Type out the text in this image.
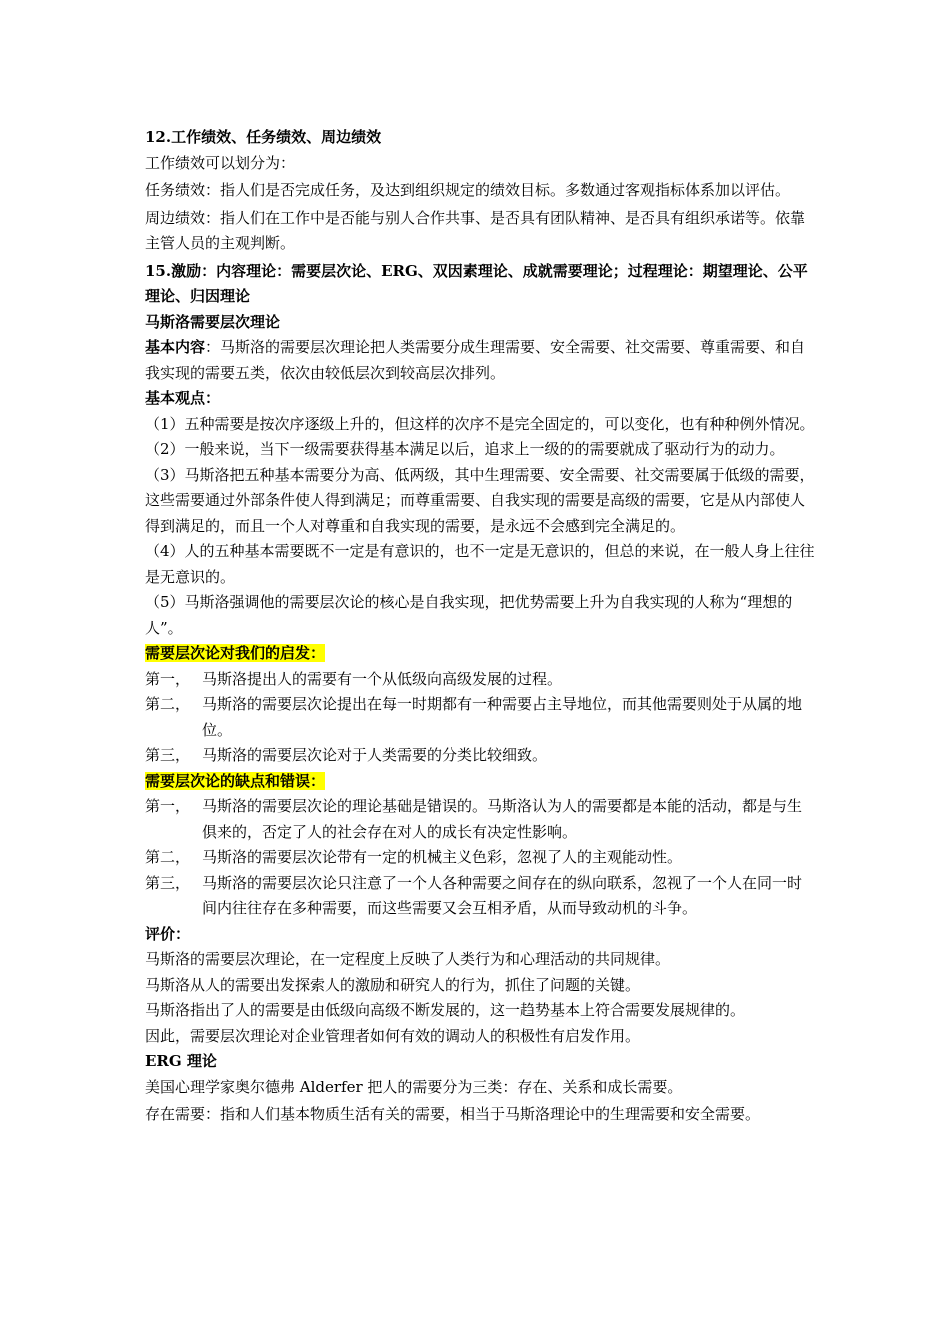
12.工作绩效、任务绩效、周边绩效

工作绩效可以划分为：

任务绩效：指人们是否完成任务，及达到组织规定的绩效目标。多数通过客观指标体系加以评估。

周边绩效：指人们在工作中是否能与别人合作共事、是否具有团队精神、是否具有组织承诺等。依靠主管人员的主观判断。

15.激励：内容理论：需要层次论、ERG、双因素理论、成就需要理论；过程理论：期望理论、公平理论、归因理论

马斯洛需要层次理论

基本内容：马斯洛的需要层次理论把人类需要分成生理需要、安全需要、社交需要、尊重需要、和自我实现的需要五类，依次由较低层次到较高层次排列。

基本观点：

（1）五种需要是按次序逐级上升的，但这样的次序不是完全固定的，可以变化，也有种种例外情况。

（2）一般来说，当下一级需要获得基本满足以后，追求上一级的的需要就成了驱动行为的动力。

（3）马斯洛把五种基本需要分为高、低两级，其中生理需要、安全需要、社交需要属于低级的需要，这些需要通过外部条件使人得到满足；而尊重需要、自我实现的需要是高级的需要，它是从内部使人得到满足的，而且一个人对尊重和自我实现的需要，是永远不会感到完全满足的。

（4）人的五种基本需要既不一定是有意识的，也不一定是无意识的，但总的来说，在一般人身上往往是无意识的。

（5）马斯洛强调他的需要层次论的核心是自我实现，把优势需要上升为自我实现的人称为“理想的人”。

需要层次论对我们的启发：

第一， 马斯洛提出人的需要有一个从低级向高级发展的过程。
第二， 马斯洛的需要层次论提出在每一时期都有一种需要占主导地位，而其他需要则处于从属的地位。
第三， 马斯洛的需要层次论对于人类需要的分类比较细致。

需要层次论的缺点和错误：

第一， 马斯洛的需要层次论的理论基础是错误的。马斯洛认为人的需要都是本能的活动，都是与生俱来的，否定了人的社会存在对人的成长有决定性影响。
第二， 马斯洛的需要层次论带有一定的机械主义色彩，忽视了人的主观能动性。
第三， 马斯洛的需要层次论只注意了一个人各种需要之间存在的纵向联系，忽视了一个人在同一时间内往往存在多种需要，而这些需要又会互相矛盾，从而导致动机的斗争。

评价：

马斯洛的需要层次理论，在一定程度上反映了人类行为和心理活动的共同规律。

马斯洛从人的需要出发探索人的激励和研究人的行为，抓住了问题的关键。

马斯洛指出了人的需要是由低级向高级不断发展的，这一趋势基本上符合需要发展规律的。

因此，需要层次理论对企业管理者如何有效的调动人的积极性有启发作用。

ERG 理论

美国心理学家奥尔德弗 Alderfer 把人的需要分为三类：存在、关系和成长需要。

存在需要：指和人们基本物质生活有关的需要，相当于马斯洛理论中的生理需要和安全需要。
